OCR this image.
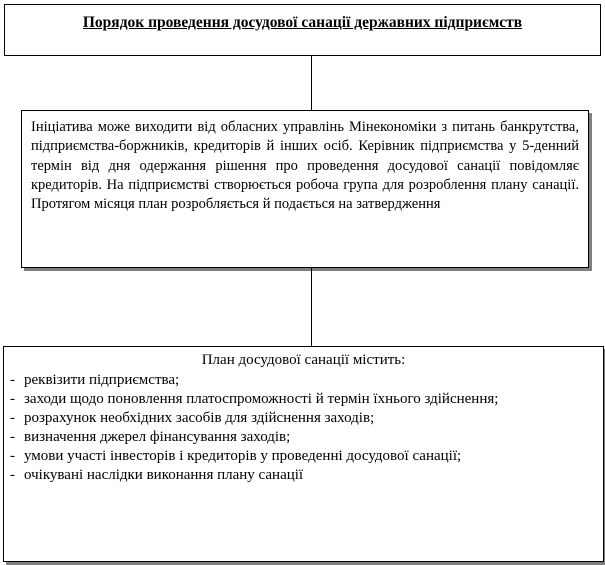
Порядок проведення досудової санації державних підприємств
Ініціатива може виходити від обласних управлінь Мінекономіки з питань банкрутства, підприємства-боржників, кредиторів й інших осіб. Керівник підприємства у 5-денний термін від дня одержання рішення про проведення досудової санації повідомляє кредиторів. На підприємстві створюється робоча група для розроблення плану санації. Протягом місяця план розробляється й подається на затвердження
План досудової санації містить:
- реквізити підприємства;
- заходи щодо поновлення платоспроможності й термін їхнього здійснення;
- розрахунок необхідних засобів для здійснення заходів;
- визначення джерел фінансування заходів;
- умови участі інвесторів і кредиторів у проведенні досудової санації;
- очікувані наслідки виконання плану санації
